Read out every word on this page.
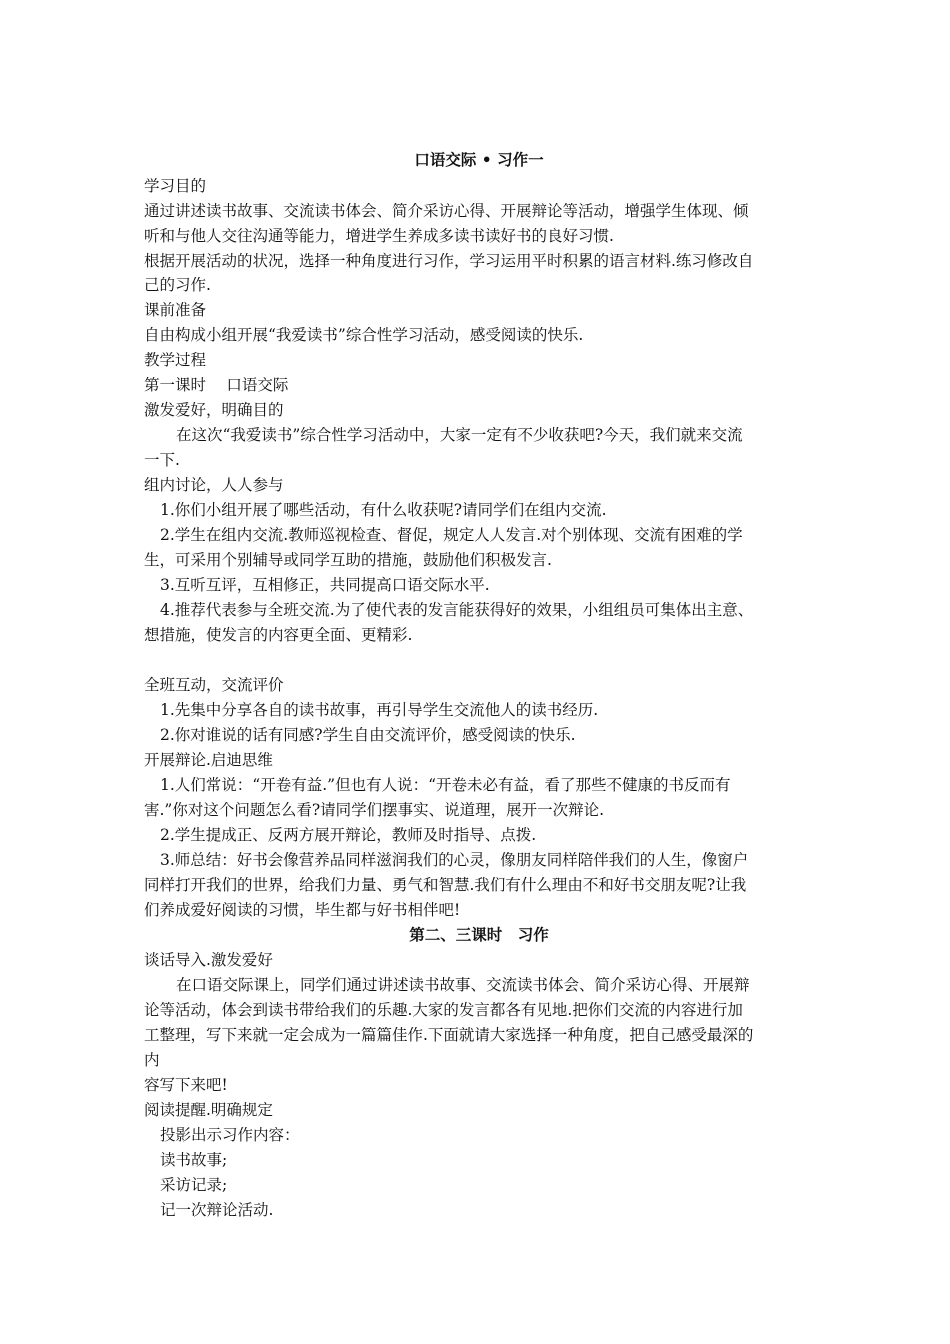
口语交际 • 习作一
学习目的
通过讲述读书故事、交流读书体会、简介采访心得、开展辩论等活动，增强学生体现、倾
听和与他人交往沟通等能力，增进学生养成多读书读好书的良好习惯.
根据开展活动的状况，选择一种角度进行习作，学习运用平时积累的语言材料.练习修改自
己的习作.
课前准备
自由构成小组开展“我爱读书”综合性学习活动，感受阅读的快乐.
教学过程
第一课时　 口语交际
激发爱好，明确目的
在这次“我爱读书”综合性学习活动中，大家一定有不少收获吧?今天，我们就来交流
一下.
组内讨论，人人参与
1.你们小组开展了哪些活动，有什么收获呢?请同学们在组内交流.
2.学生在组内交流.教师巡视检查、督促，规定人人发言.对个别体现、交流有困难的学
生，可采用个别辅导或同学互助的措施，鼓励他们积极发言.
3.互听互评，互相修正，共同提高口语交际水平.
4.推荐代表参与全班交流.为了使代表的发言能获得好的效果，小组组员可集体出主意、
想措施，使发言的内容更全面、更精彩.
全班互动，交流评价
1.先集中分享各自的读书故事，再引导学生交流他人的读书经历.
2.你对谁说的话有同感?学生自由交流评价，感受阅读的快乐.
开展辩论.启迪思维
1.人们常说：“开卷有益.”但也有人说：“开卷未必有益，看了那些不健康的书反而有
害.”你对这个问题怎么看?请同学们摆事实、说道理，展开一次辩论.
2.学生提成正、反两方展开辩论，教师及时指导、点拨.
3.师总结：好书会像营养品同样滋润我们的心灵，像朋友同样陪伴我们的人生，像窗户
同样打开我们的世界，给我们力量、勇气和智慧.我们有什么理由不和好书交朋友呢?让我
们养成爱好阅读的习惯，毕生都与好书相伴吧!
第二、三课时　习作
谈话导入.激发爱好
在口语交际课上，同学们通过讲述读书故事、交流读书体会、简介采访心得、开展辩
论等活动，体会到读书带给我们的乐趣.大家的发言都各有见地.把你们交流的内容进行加
工整理，写下来就一定会成为一篇篇佳作.下面就请大家选择一种角度，把自己感受最深的
内
容写下来吧!
阅读提醒.明确规定
投影出示习作内容：
读书故事;
采访记录;
记一次辩论活动.
